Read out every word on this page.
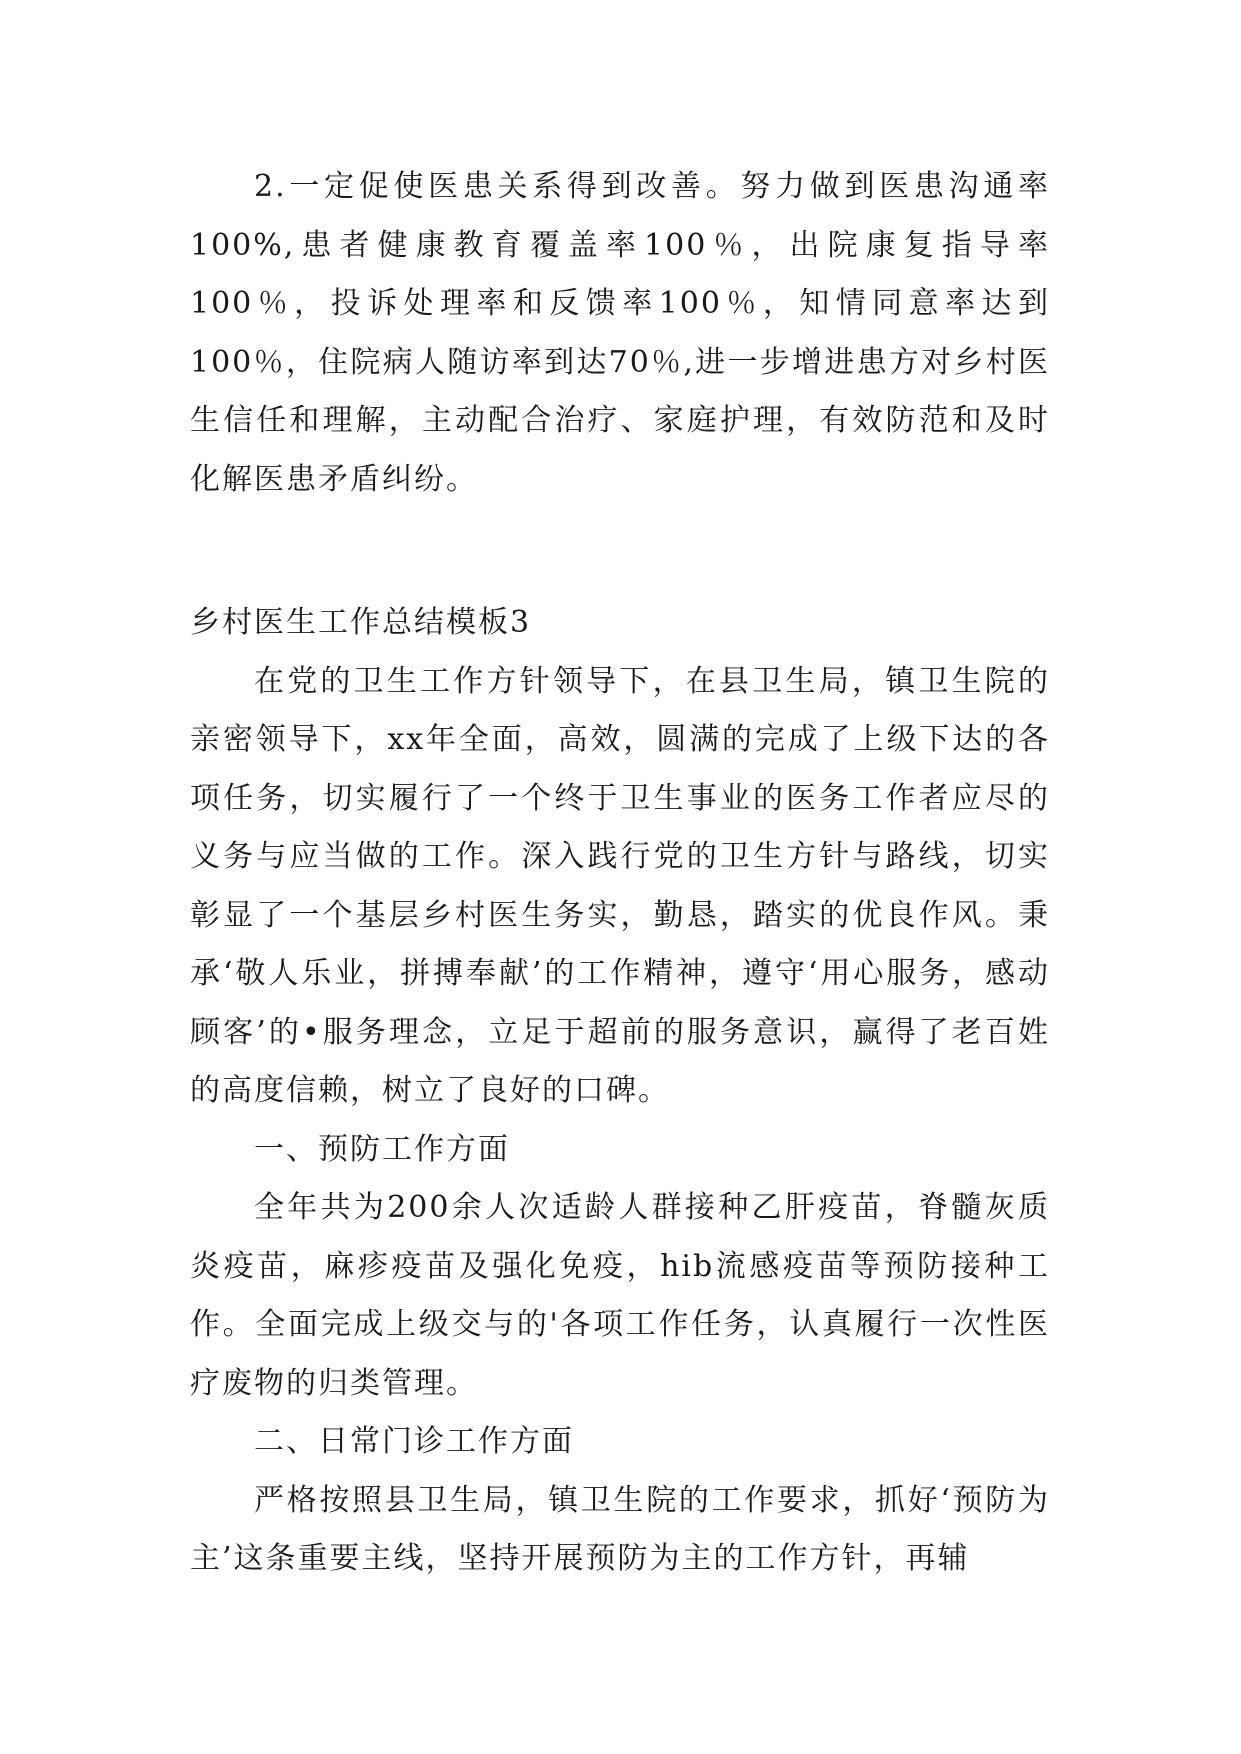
2.一定促使医患关系得到改善。努力做到医患沟通率100%,患者健康教育覆盖率100％，出院康复指导率100％，投诉处理率和反馈率100％，知情同意率达到100％，住院病人随访率到达70％,进一步增进患方对乡村医生信任和理解，主动配合治疗、家庭护理，有效防范和及时化解医患矛盾纠纷。

乡村医生工作总结模板3

在党的卫生工作方针领导下，在县卫生局，镇卫生院的亲密领导下，xx年全面，高效，圆满的完成了上级下达的各项任务，切实履行了一个终于卫生事业的医务工作者应尽的义务与应当做的工作。深入践行党的卫生方针与路线，切实彰显了一个基层乡村医生务实，勤恳，踏实的优良作风。秉承‘敬人乐业，拼搏奉献’的工作精神，遵守‘用心服务，感动顾客’的•服务理念，立足于超前的服务意识，赢得了老百姓的高度信赖，树立了良好的口碑。

一、预防工作方面

全年共为200余人次适龄人群接种乙肝疫苗，脊髓灰质炎疫苗，麻疹疫苗及强化免疫，hib流感疫苗等预防接种工作。全面完成上级交与的'各项工作任务，认真履行一次性医疗废物的归类管理。

二、日常门诊工作方面

严格按照县卫生局，镇卫生院的工作要求，抓好‘预防为主’这条重要主线，坚持开展预防为主的工作方针，再辅
